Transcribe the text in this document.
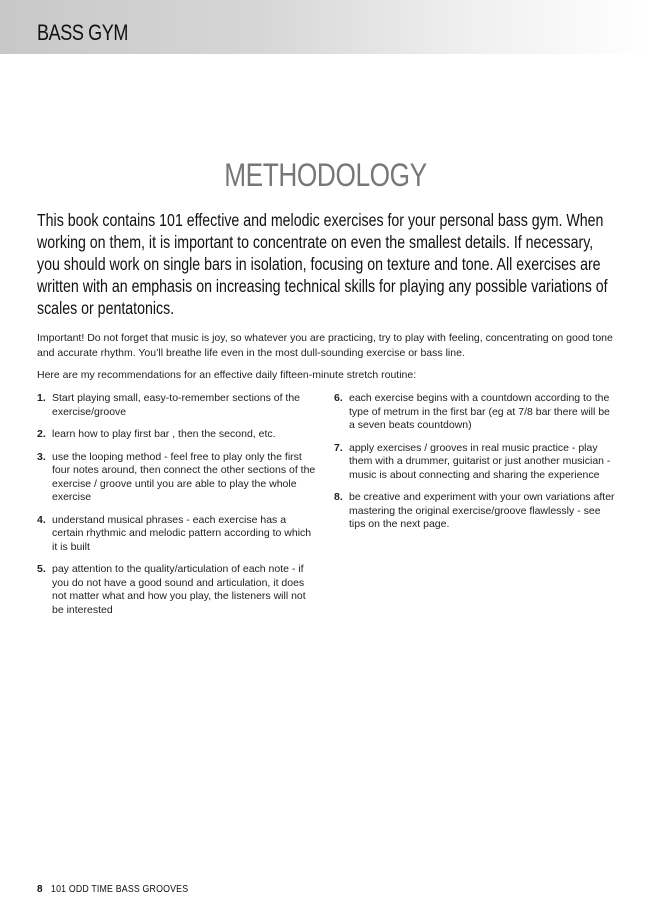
BASS GYM
METHODOLOGY

This book contains 101 effective and melodic exercises for your personal bass gym. When working on them, it is important to concentrate on even the smallest details. If necessary, you should work on single bars in isolation, focusing on texture and tone. All exercises are written with an emphasis on increasing technical skills for playing any possible variations of scales or pentatonics.

Important! Do not forget that music is joy, so whatever you are practicing, try to play with feeling, concentrating on good tone and accurate rhythm. You’ll breathe life even in the most dull-sounding exercise or bass line.

Here are my recommendations for an effective daily fifteen-minute stretch routine:

1. Start playing small, easy-to-remember sections of the exercise/groove
2. learn how to play first bar , then the second, etc.
3. use the looping method - feel free to play only the first four notes around, then connect the other sections of the exercise / groove until you are able to play the whole exercise
4. understand musical phrases - each exercise has a certain rhythmic and melodic pattern according to which it is built
5. pay attention to the quality/articulation of each note - if you do not have a good sound and articulation, it does not matter what and how you play, the listeners will not be interested
6. each exercise begins with a countdown according to the type of metrum in the first bar (eg at 7/8 bar there will be a seven beats countdown)
7. apply exercises / grooves in real music practice - play them with a drummer, guitarist or just another musician - music is about connecting and sharing the experience
8. be creative and experiment with your own variations after mastering the original exercise/groove flawlessly - see tips on the next page.
8 101 ODD TIME BASS GROOVES
